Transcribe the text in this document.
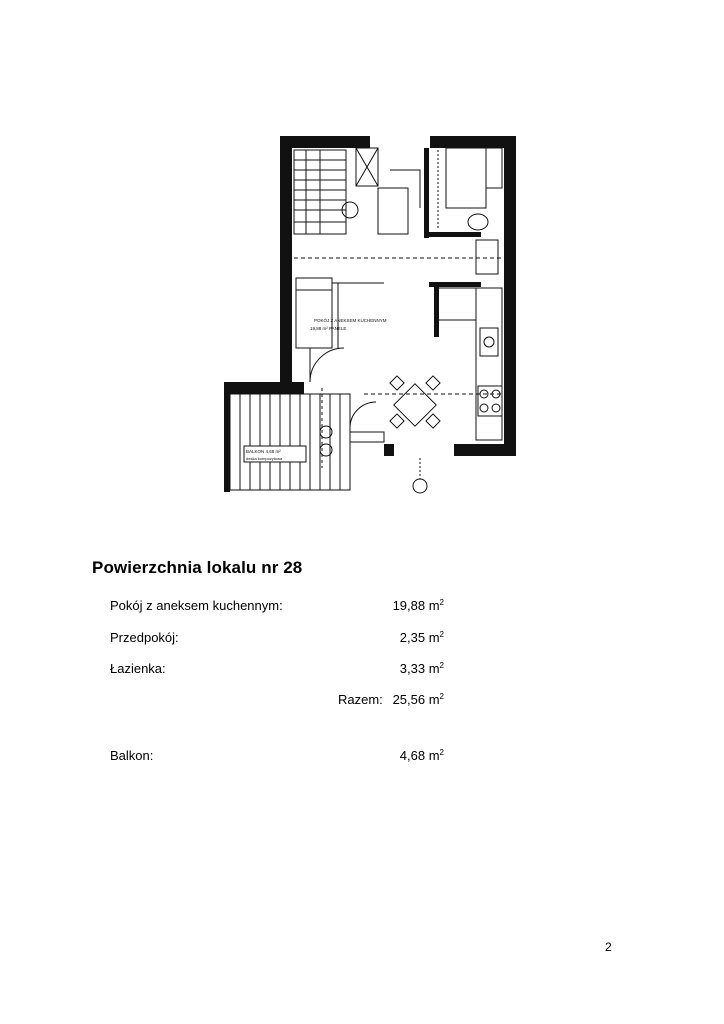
POKÓJ Z ANEKSEM KUCHENNYM
19,88 m² PANELE
BALKON 4,68 m²
deska kompozytowa
Powierzchnia lokalu nr 28
Pokój z aneksem kuchennym:	19,88 $m^2$
Przedpokój:	2,35 $m^2$
Łazienka:	3,33 $m^2$
Razem: 25,56 $m^2$
Balkon:	4,68 $m^2$
2
